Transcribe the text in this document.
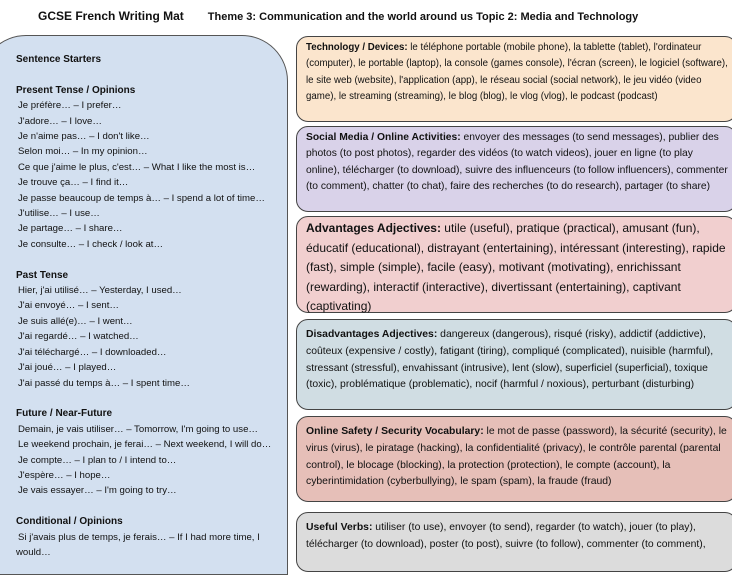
GCSE French Writing Mat Theme 3: Communication and the world around us Topic 2: Media and Technology
Sentence Starters
Present Tense / Opinions
Je préfère… – I prefer…
J'adore… – I love…
Je n'aime pas… – I don't like…
Selon moi… – In my opinion…
Ce que j'aime le plus, c'est… – What I like the most is…
Je trouve ça… – I find it…
Je passe beaucoup de temps à… – I spend a lot of time…
J'utilise… – I use…
Je partage… – I share…
Je consulte… – I check / look at…
Past Tense
Hier, j'ai utilisé… – Yesterday, I used…
J'ai envoyé… – I sent…
Je suis allé(e)… – I went…
J'ai regardé… – I watched…
J'ai téléchargé… – I downloaded…
J'ai joué… – I played…
J'ai passé du temps à… – I spent time…
Future / Near-Future
Demain, je vais utiliser… – Tomorrow, I'm going to use…
Le weekend prochain, je ferai… – Next weekend, I will do…
Je compte… – I plan to / I intend to…
J'espère… – I hope…
Je vais essayer… – I'm going to try…
Conditional / Opinions
Si j'avais plus de temps, je ferais… – If I had more time, I would…
Technology / Devices: le téléphone portable (mobile phone), la tablette (tablet), l'ordinateur (computer), le portable (laptop), la console (games console), l'écran (screen), le logiciel (software), le site web (website), l'application (app), le réseau social (social network), le jeu vidéo (video game), le streaming (streaming), le blog (blog), le vlog (vlog), le podcast (podcast)
Social Media / Online Activities: envoyer des messages (to send messages), publier des photos (to post photos), regarder des vidéos (to watch videos), jouer en ligne (to play online), télécharger (to download), suivre des influenceurs (to follow influencers), commenter (to comment), chatter (to chat), faire des recherches (to do research), partager (to share)
Advantages Adjectives: utile (useful), pratique (practical), amusant (fun), éducatif (educational), distrayant (entertaining), intéressant (interesting), rapide (fast), simple (simple), facile (easy), motivant (motivating), enrichissant (rewarding), interactif (interactive), divertissant (entertaining), captivant (captivating)
Disadvantages Adjectives: dangereux (dangerous), risqué (risky), addictif (addictive), coûteux (expensive / costly), fatigant (tiring), compliqué (complicated), nuisible (harmful), stressant (stressful), envahissant (intrusive), lent (slow), superficiel (superficial), toxique (toxic), problématique (problematic), nocif (harmful / noxious), perturbant (disturbing)
Online Safety / Security Vocabulary: le mot de passe (password), la sécurité (security), le virus (virus), le piratage (hacking), la confidentialité (privacy), le contrôle parental (parental control), le blocage (blocking), la protection (protection), le compte (account), la cyberintimidation (cyberbullying), le spam (spam), la fraude (fraud)
Useful Verbs: utiliser (to use), envoyer (to send), regarder (to watch), jouer (to play), télécharger (to download), poster (to post), suivre (to follow), commenter (to comment),
